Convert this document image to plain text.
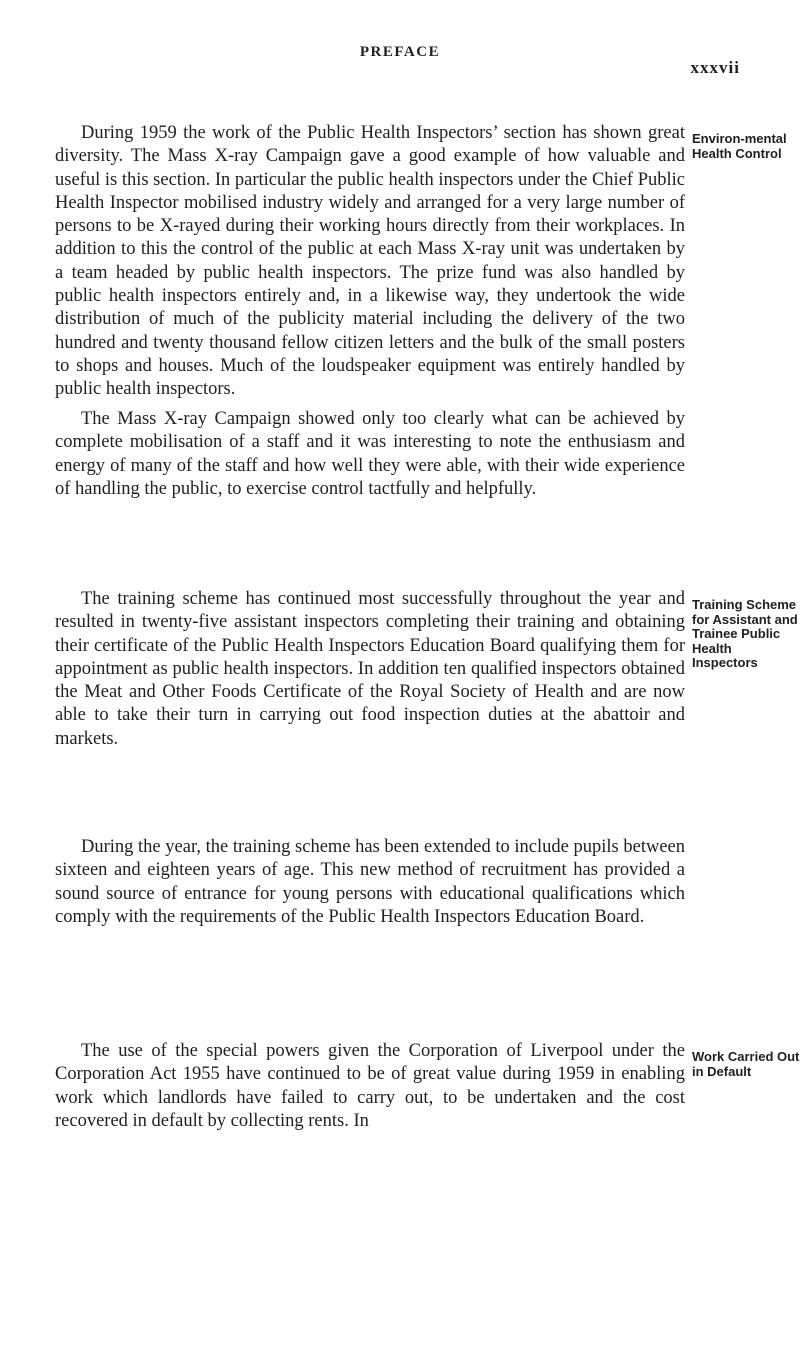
PREFACE
xxxvii

During 1959 the work of the Public Health Inspectors’ section has shown great diversity. The Mass X-ray Campaign gave a good example of how valuable and useful is this section. In particular the public health inspectors under the Chief Public Health Inspector mobilised industry widely and arranged for a very large number of persons to be X-rayed during their working hours directly from their workplaces. In addition to this the control of the public at each Mass X-ray unit was undertaken by a team headed by public health inspectors. The prize fund was also handled by public health inspectors entirely and, in a likewise way, they undertook the wide distribution of much of the publicity material including the delivery of the two hundred and twenty thousand fellow citizen letters and the bulk of the small posters to shops and houses. Much of the loudspeaker equipment was entirely handled by public health inspectors.

Environ-mental Health Control

The Mass X-ray Campaign showed only too clearly what can be achieved by complete mobilisation of a staff and it was interesting to note the enthusiasm and energy of many of the staff and how well they were able, with their wide experience of handling the public, to exercise control tactfully and helpfully.

The training scheme has continued most successfully throughout the year and resulted in twenty-five assistant inspectors completing their training and obtaining their certificate of the Public Health Inspectors Education Board qualifying them for appointment as public health inspectors. In addition ten qualified inspectors obtained the Meat and Other Foods Certificate of the Royal Society of Health and are now able to take their turn in carrying out food inspection duties at the abattoir and markets.

Training Scheme for Assistant and Trainee Public Health Inspectors

During the year, the training scheme has been extended to include pupils between sixteen and eighteen years of age. This new method of recruitment has provided a sound source of entrance for young persons with educational qualifications which comply with the requirements of the Public Health Inspectors Education Board.

The use of the special powers given the Corporation of Liverpool under the Corporation Act 1955 have continued to be of great value during 1959 in enabling work which landlords have failed to carry out, to be undertaken and the cost recovered in default by collecting rents. In

Work Carried Out in Default
